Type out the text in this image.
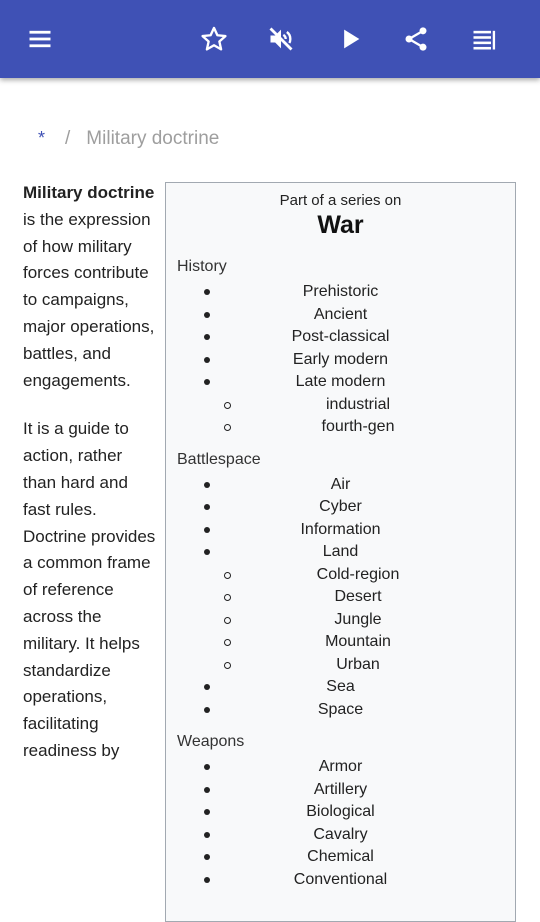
* / Military doctrine

Military doctrine is the expression of how military forces contribute to campaigns, major operations, battles, and engagements.

It is a guide to action, rather than hard and fast rules. Doctrine provides a common frame of reference across the military. It helps standardize operations, facilitating readiness by

Part of a series on
War
History
Prehistoric
Ancient
Post-classical
Early modern
Late modern
industrial
fourth-gen
Battlespace
Air
Cyber
Information
Land
Cold-region
Desert
Jungle
Mountain
Urban
Sea
Space
Weapons
Armor
Artillery
Biological
Cavalry
Chemical
Conventional
